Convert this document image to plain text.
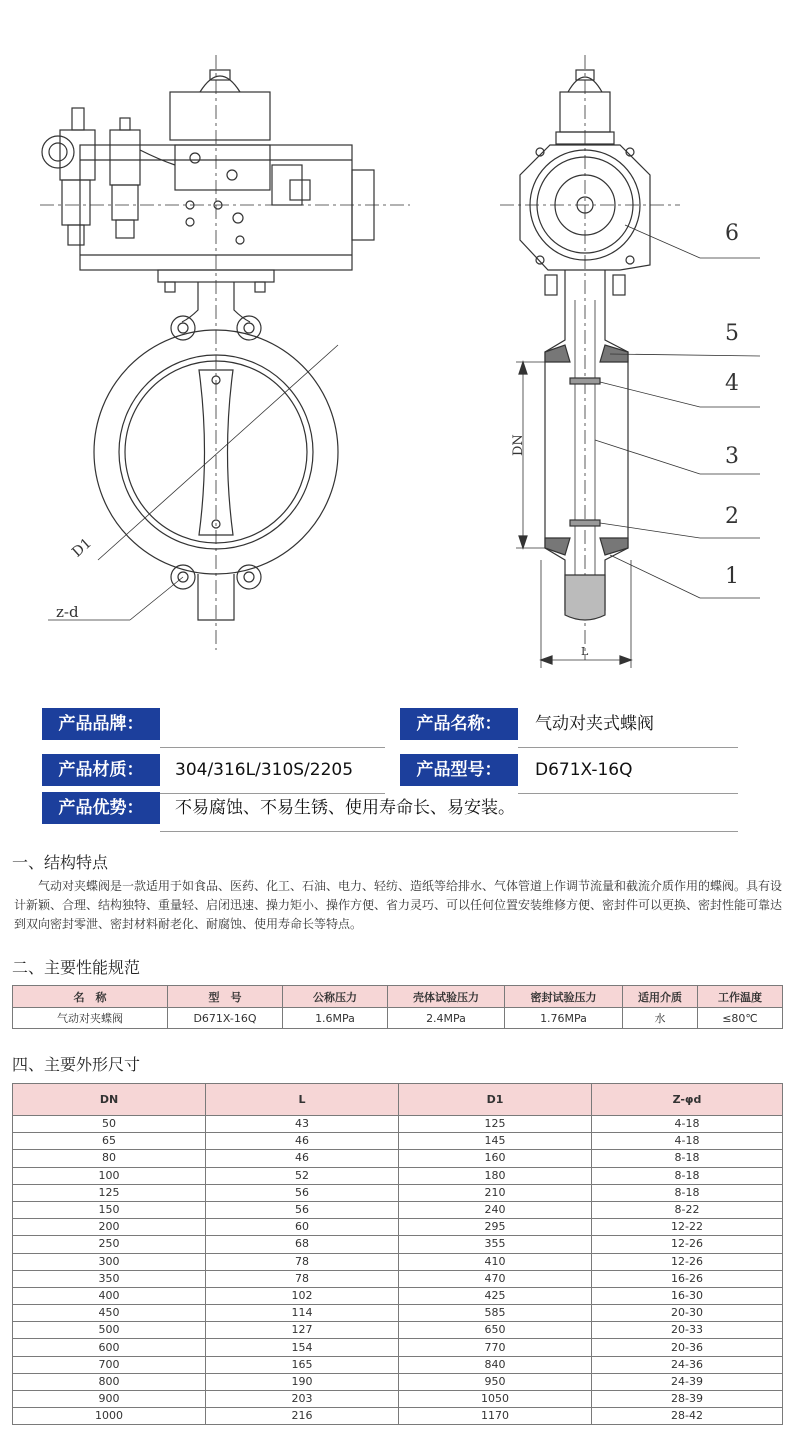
D1
z-d
DN
L
6
5
4
3
2
1
产品品牌：	产品名称：	气动对夹式蝶阀
产品材质：	304/316L/310S/2205	产品型号：	D671X-16Q
产品优势：	不易腐蚀、不易生锈、使用寿命长、易安装。
一、结构特点
气动对夹蝶阀是一款适用于如食品、医药、化工、石油、电力、轻纺、造纸等给排水、气体管道上作调节流量和截流介质作用的蝶阀。具有设计新颖、合理、结构独特、重量轻、启闭迅速、操力矩小、操作方便、省力灵巧、可以任何位置安装维修方便、密封件可以更换、密封性能可靠达到双向密封零泄、密封材料耐老化、耐腐蚀、使用寿命长等特点。
二、主要性能规范
名　称	型　号	公称压力	壳体试验压力	密封试验压力	适用介质	工作温度
气动对夹蝶阀	D671X-16Q	1.6MPa	2.4MPa	1.76MPa	水	≤80℃
四、主要外形尺寸
DN	L	D1	Z-φd
50	43	125	4-18
65	46	145	4-18
80	46	160	8-18
100	52	180	8-18
125	56	210	8-18
150	56	240	8-22
200	60	295	12-22
250	68	355	12-26
300	78	410	12-26
350	78	470	16-26
400	102	425	16-30
450	114	585	20-30
500	127	650	20-33
600	154	770	20-36
700	165	840	24-36
800	190	950	24-39
900	203	1050	28-39
1000	216	1170	28-42
